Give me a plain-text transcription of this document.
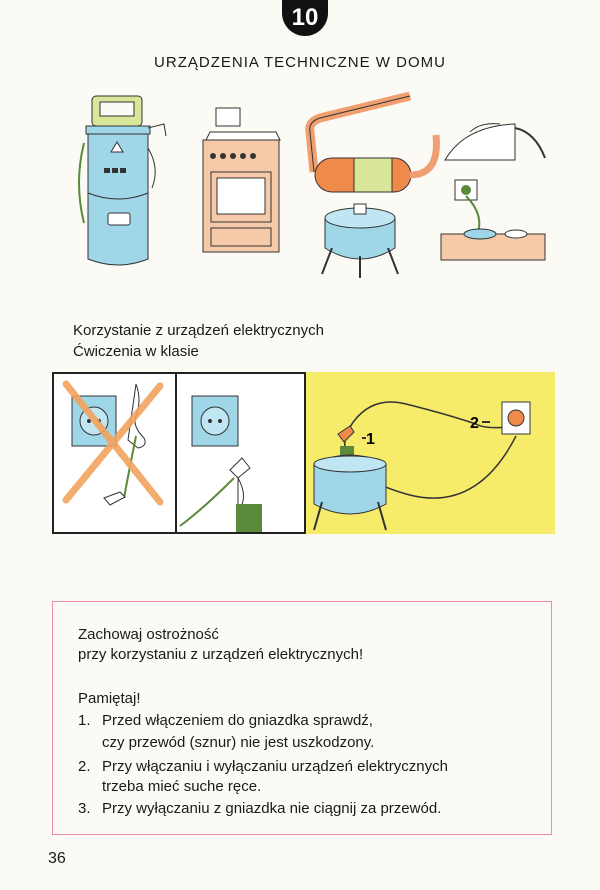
10
URZĄDZENIA TECHNICZNE W DOMU
Korzystanie z urządzeń elektrycznych
Ćwiczenia w klasie
1
2
Zachowaj ostrożność
przy korzystaniu z urządzeń elektrycznych!
Pamiętaj!
1. Przed włączeniem do gniazdka sprawdź,
czy przewód (sznur) nie jest uszkodzony.
2. Przy włączaniu i wyłączaniu urządzeń elektrycznych
trzeba mieć suche ręce.
3. Przy wyłączaniu z gniazdka nie ciągnij za przewód.
36
